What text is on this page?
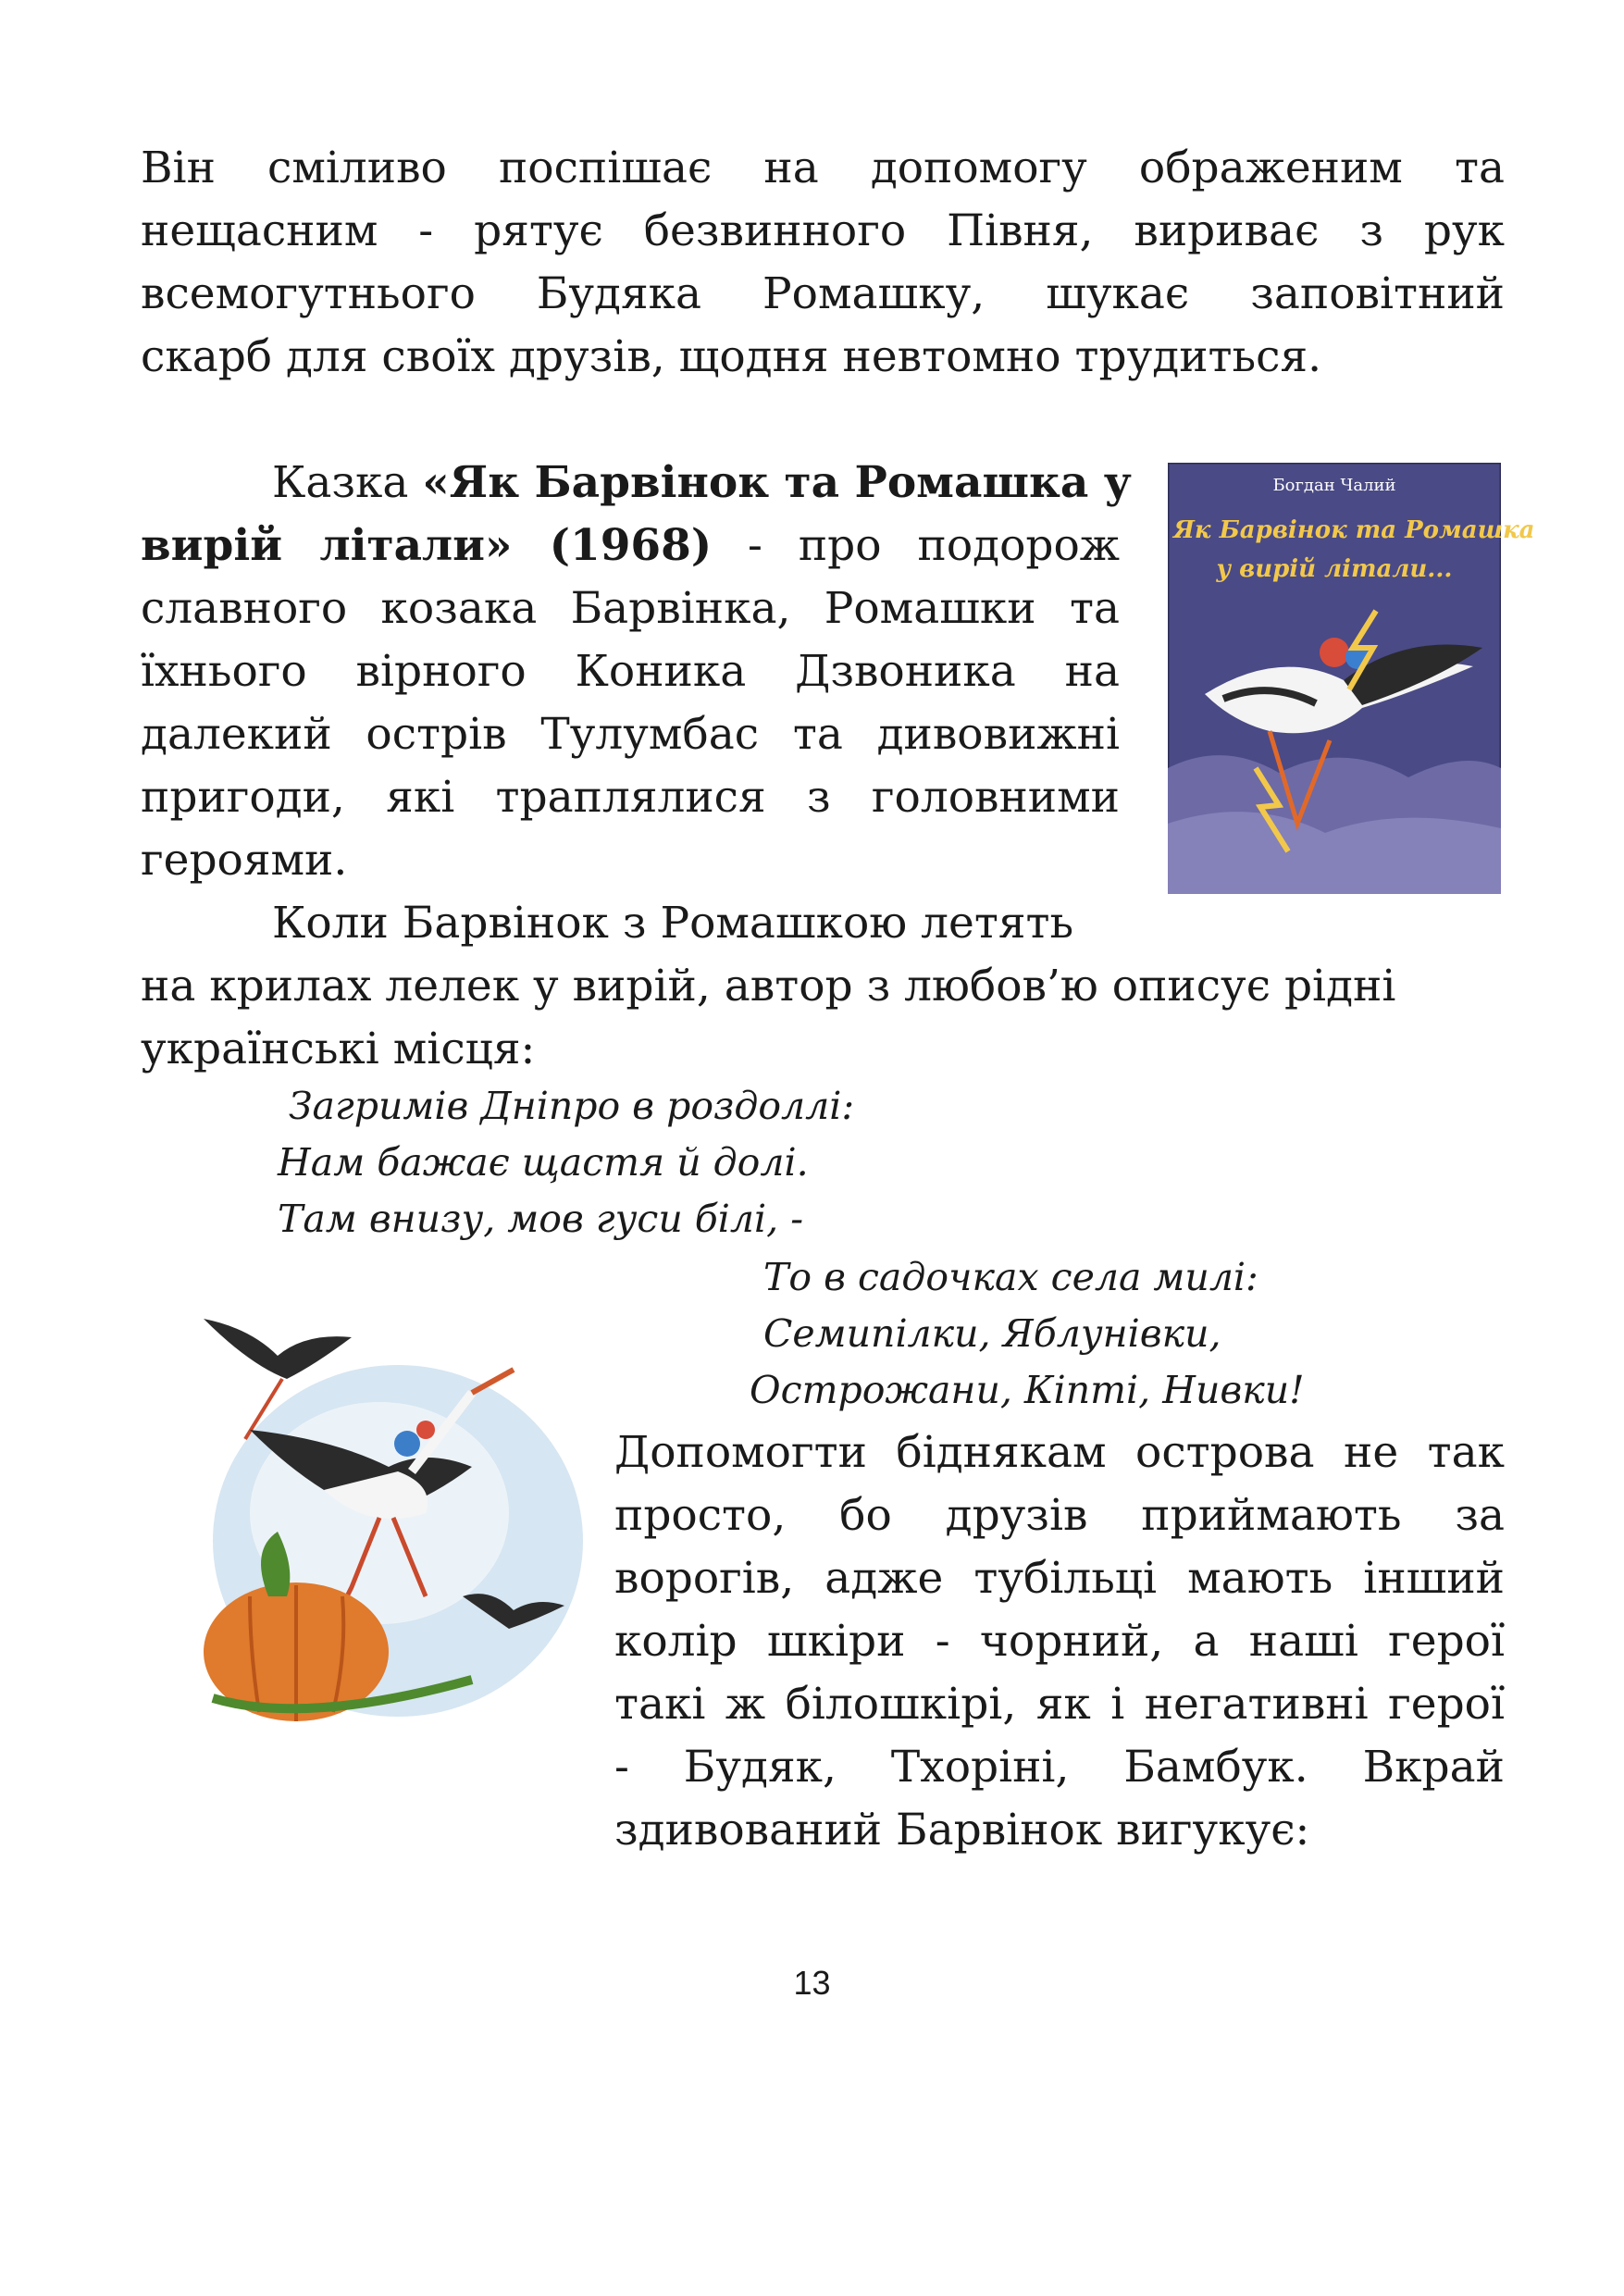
Він сміливо поспішає на допомогу ображеним та
нещасним - рятує безвинного Півня, вириває з рук
всемогутнього Будяка Ромашку, шукає заповітний
скарб для своїх друзів, щодня невтомно трудиться.
Казка «Як Барвінок та Ромашка у
вирій літали» (1968) - про подорож
славного козака Барвінка, Ромашки та
їхнього вірного Коника Дзвоника на
далекий острів Тулумбас та дивовижні
пригоди, які траплялися з головними
героями.
Богдан Чалий
Як Барвінок та Ромашка
у вирій літали...
Коли Барвінок з Ромашкою летять
на крилах лелек у вирій, автор з любов’ю описує рідні
українські місця:
Загримів Дніпро в роздоллі:
Нам бажає щастя й долі.
Там внизу, мов гуси білі, -
То в садочках села милі:
Семипілки, Яблунівки,
Острожани, Кіпті, Нивки!
Допомогти біднякам острова не так
просто, бо друзів приймають за
ворогів, адже тубільці мають інший
колір шкіри - чорний, а наші герої
такі ж білошкірі, як і негативні герої
- Будяк, Тхоріні, Бамбук. Вкрай
здивований Барвінок вигукує:
13
